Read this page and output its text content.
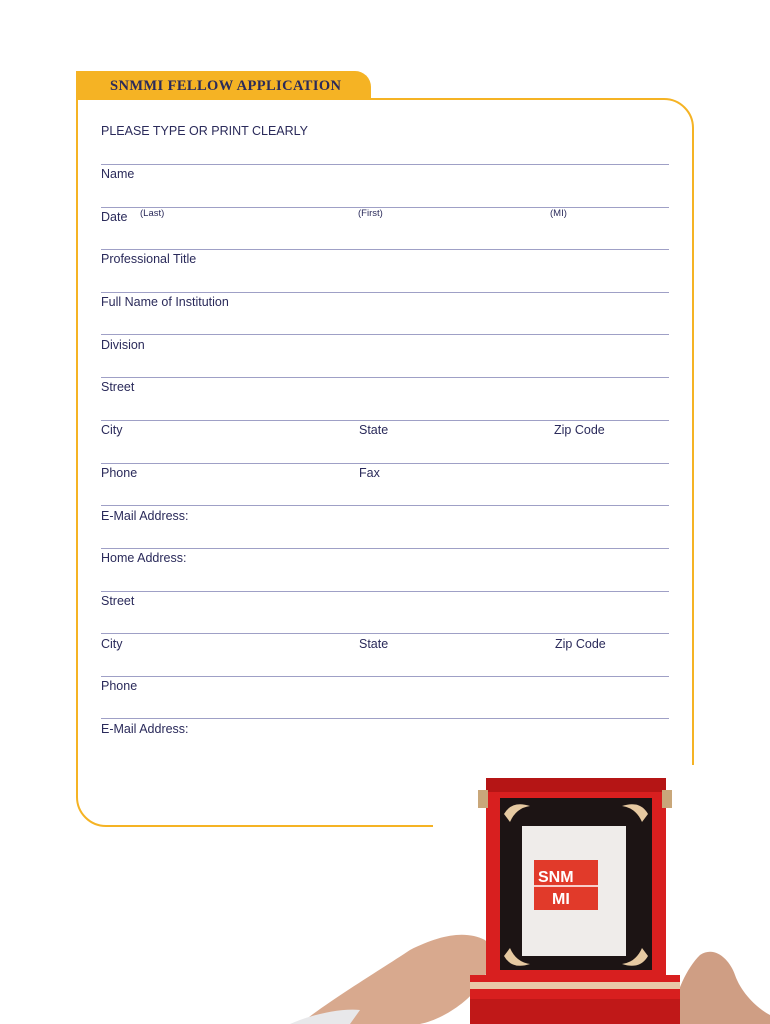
SNMMI FELLOW APPLICATION
PLEASE TYPE OR PRINT CLEARLY
Name
Date (Last)	(First)	(MI)
Professional Title
Full Name of Institution
Division
Street
City	State	Zip Code
Phone	Fax
E-Mail Address:
Home Address:
Street
City	State	Zip Code
Phone
E-Mail Address:
SNM
MI
